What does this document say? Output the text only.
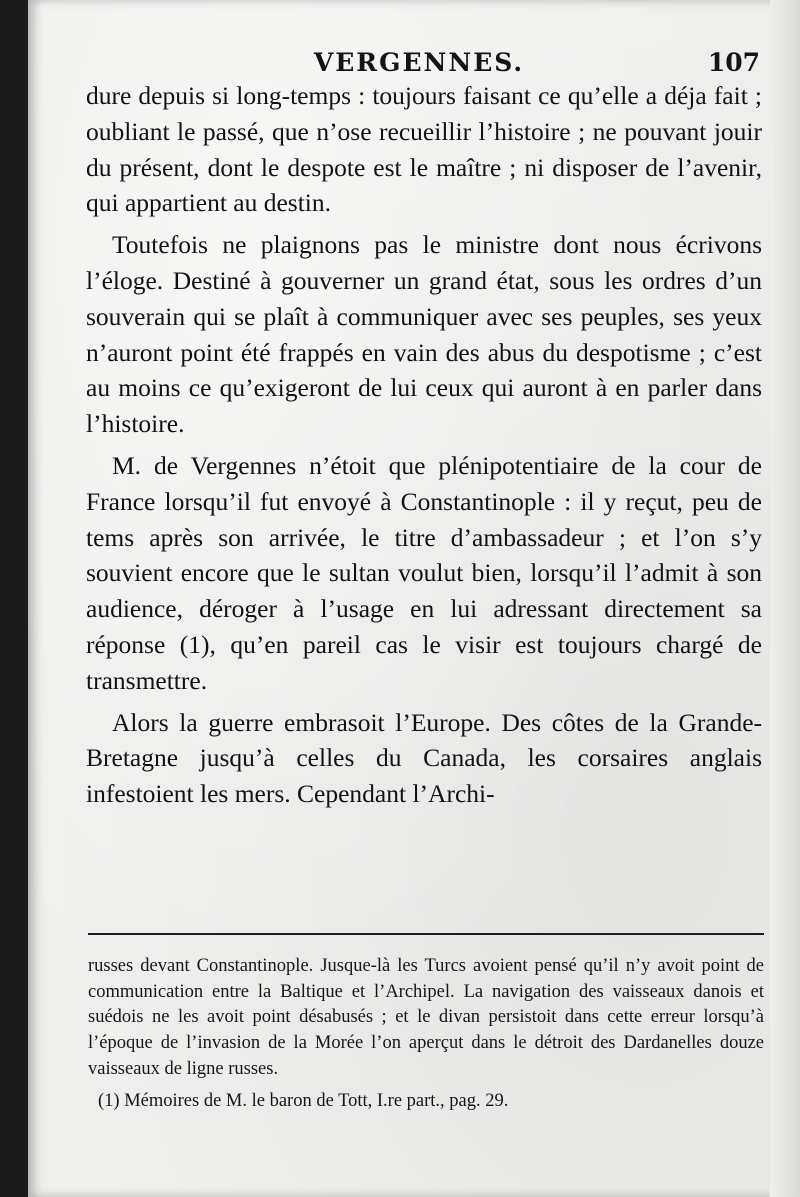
VERGENNES.	107

dure depuis si long-temps : toujours faisant ce qu’elle a déja fait ; oubliant le passé, que n’ose recueillir l’histoire ; ne pouvant jouir du présent, dont le despote est le maître ; ni disposer de l’avenir, qui appartient au destin.

Toutefois ne plaignons pas le ministre dont nous écrivons l’éloge. Destiné à gouverner un grand état, sous les ordres d’un souverain qui se plaît à communiquer avec ses peuples, ses yeux n’auront point été frappés en vain des abus du despotisme ; c’est au moins ce qu’exigeront de lui ceux qui auront à en parler dans l’histoire.

M. de Vergennes n’étoit que plénipotentiaire de la cour de France lorsqu’il fut envoyé à Constantinople : il y reçut, peu de tems après son arrivée, le titre d’ambassadeur ; et l’on s’y souvient encore que le sultan voulut bien, lorsqu’il l’admit à son audience, déroger à l’usage en lui adressant directement sa réponse (1), qu’en pareil cas le visir est toujours chargé de transmettre.

Alors la guerre embrasoit l’Europe. Des côtes de la Grande-Bretagne jusqu’à celles du Canada, les corsaires anglais infestoient les mers. Cependant l’Archi-

russes devant Constantinople. Jusque-là les Turcs avoient pensé qu’il n’y avoit point de communication entre la Baltique et l’Archipel. La navigation des vaisseaux danois et suédois ne les avoit point désabusés ; et le divan persistoit dans cette erreur lorsqu’à l’époque de l’invasion de la Morée l’on aperçut dans le détroit des Dardanelles douze vaisseaux de ligne russes.

(1) Mémoires de M. le baron de Tott, I.re part., pag. 29.
